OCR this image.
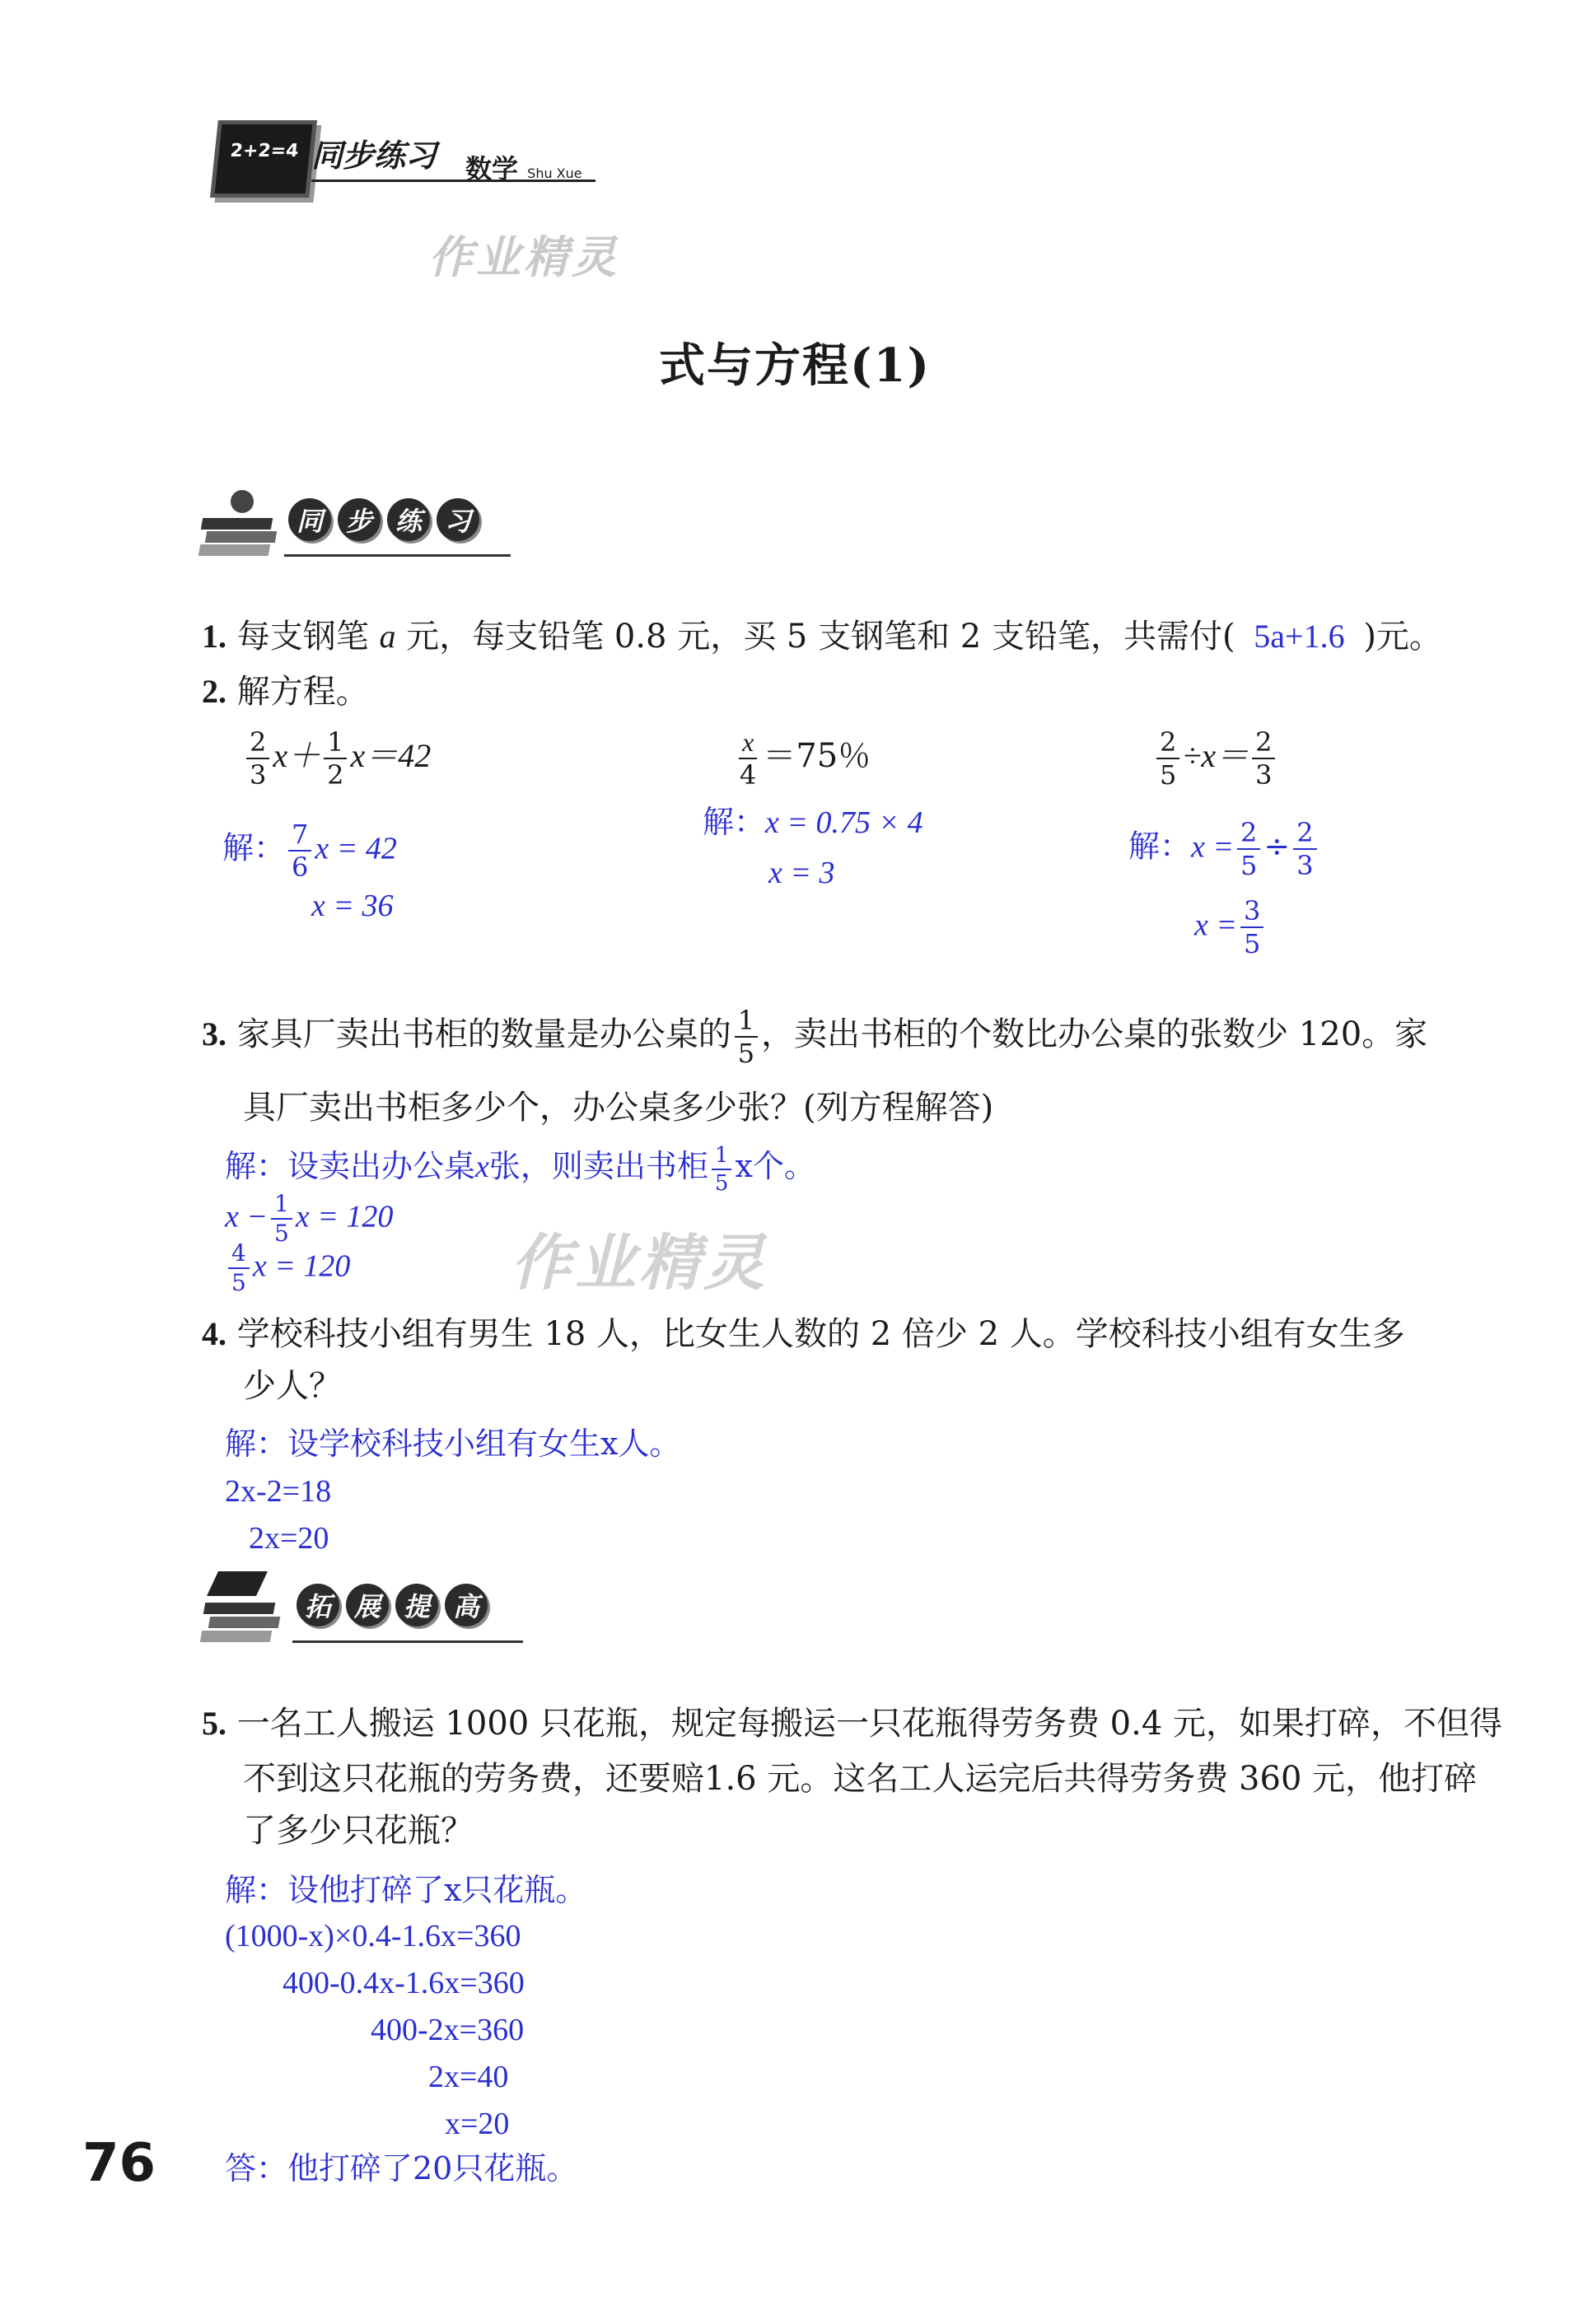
2+2=4 同步练习 数学 Shu Xue
作业精灵
作业精灵
式与方程(1)
同 步 练 习
1. 每支钢笔 a 元，每支铅笔 0.8 元，买 5 支钢笔和 2 支铅笔，共需付( 5a+1.6 )元。
2. 解方程。
$\frac{2}{3} x+ \frac{1}{2} x=42$	$\frac{x}{4} =75$％	$\frac{2}{5} \div x= \frac{2}{3}$
解： $\frac{7}{6}$ x = 42
x = 36
解：x = 0.75 × 4
x = 3
解：$x = \frac{2}{5} \div \frac{2}{3}$
$x = \frac{3}{5}$
3. 家具厂卖出书柜的数量是办公桌的 $\frac{1}{5}$ ，卖出书柜的个数比办公桌的张数少 120。家
具厂卖出书柜多少个，办公桌多少张？(列方程解答)
解：设卖出办公桌x张，则卖出书柜 $\frac{1}{5}$ x个。
$x - \frac{1}{5}$ x = 120
$\frac{4}{5}$ x = 120
4. 学校科技小组有男生 18 人，比女生人数的 2 倍少 2 人。学校科技小组有女生多
少人？
解：设学校科技小组有女生x人。
2x-2=18
2x=20
拓 展 提 高
5. 一名工人搬运 1000 只花瓶，规定每搬运一只花瓶得劳务费 0.4 元，如果打碎，不但得
不到这只花瓶的劳务费，还要赔1.6 元。这名工人运完后共得劳务费 360 元，他打碎
了多少只花瓶？
解：设他打碎了x只花瓶。
(1000-x)×0.4-1.6x=360
400-0.4x-1.6x=360
400-2x=360
2x=40
x=20
答：他打碎了20只花瓶。
76
